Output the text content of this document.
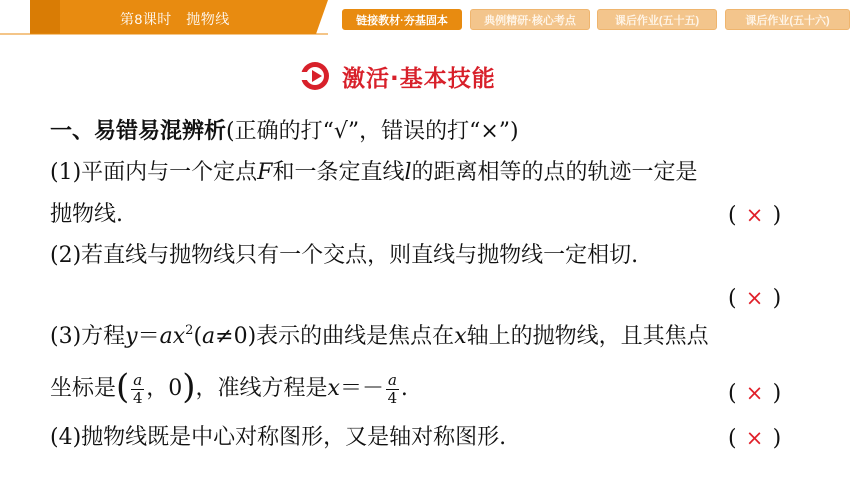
第8课时　抛物线	链接教材·夯基固本	典例精研·核心考点	课后作业(五十五)	课后作业(五十六)
激活·基本技能
一、易错易混辨析(正确的打“√”，错误的打“×”)
(1)平面内与一个定点F和一条定直线l的距离相等的点的轨迹一定是
抛物线.	( × )
(2)若直线与抛物线只有一个交点，则直线与抛物线一定相切.
( × )
(3)方程$y=ax^2(a\ne 0)$表示的曲线是焦点在x轴上的抛物线，且其焦点
坐标是( $\frac{a}{4}$ ，0)，准线方程是$x=- \frac{a}{4}$ .	( × )
(4)抛物线既是中心对称图形，又是轴对称图形.	( × )
